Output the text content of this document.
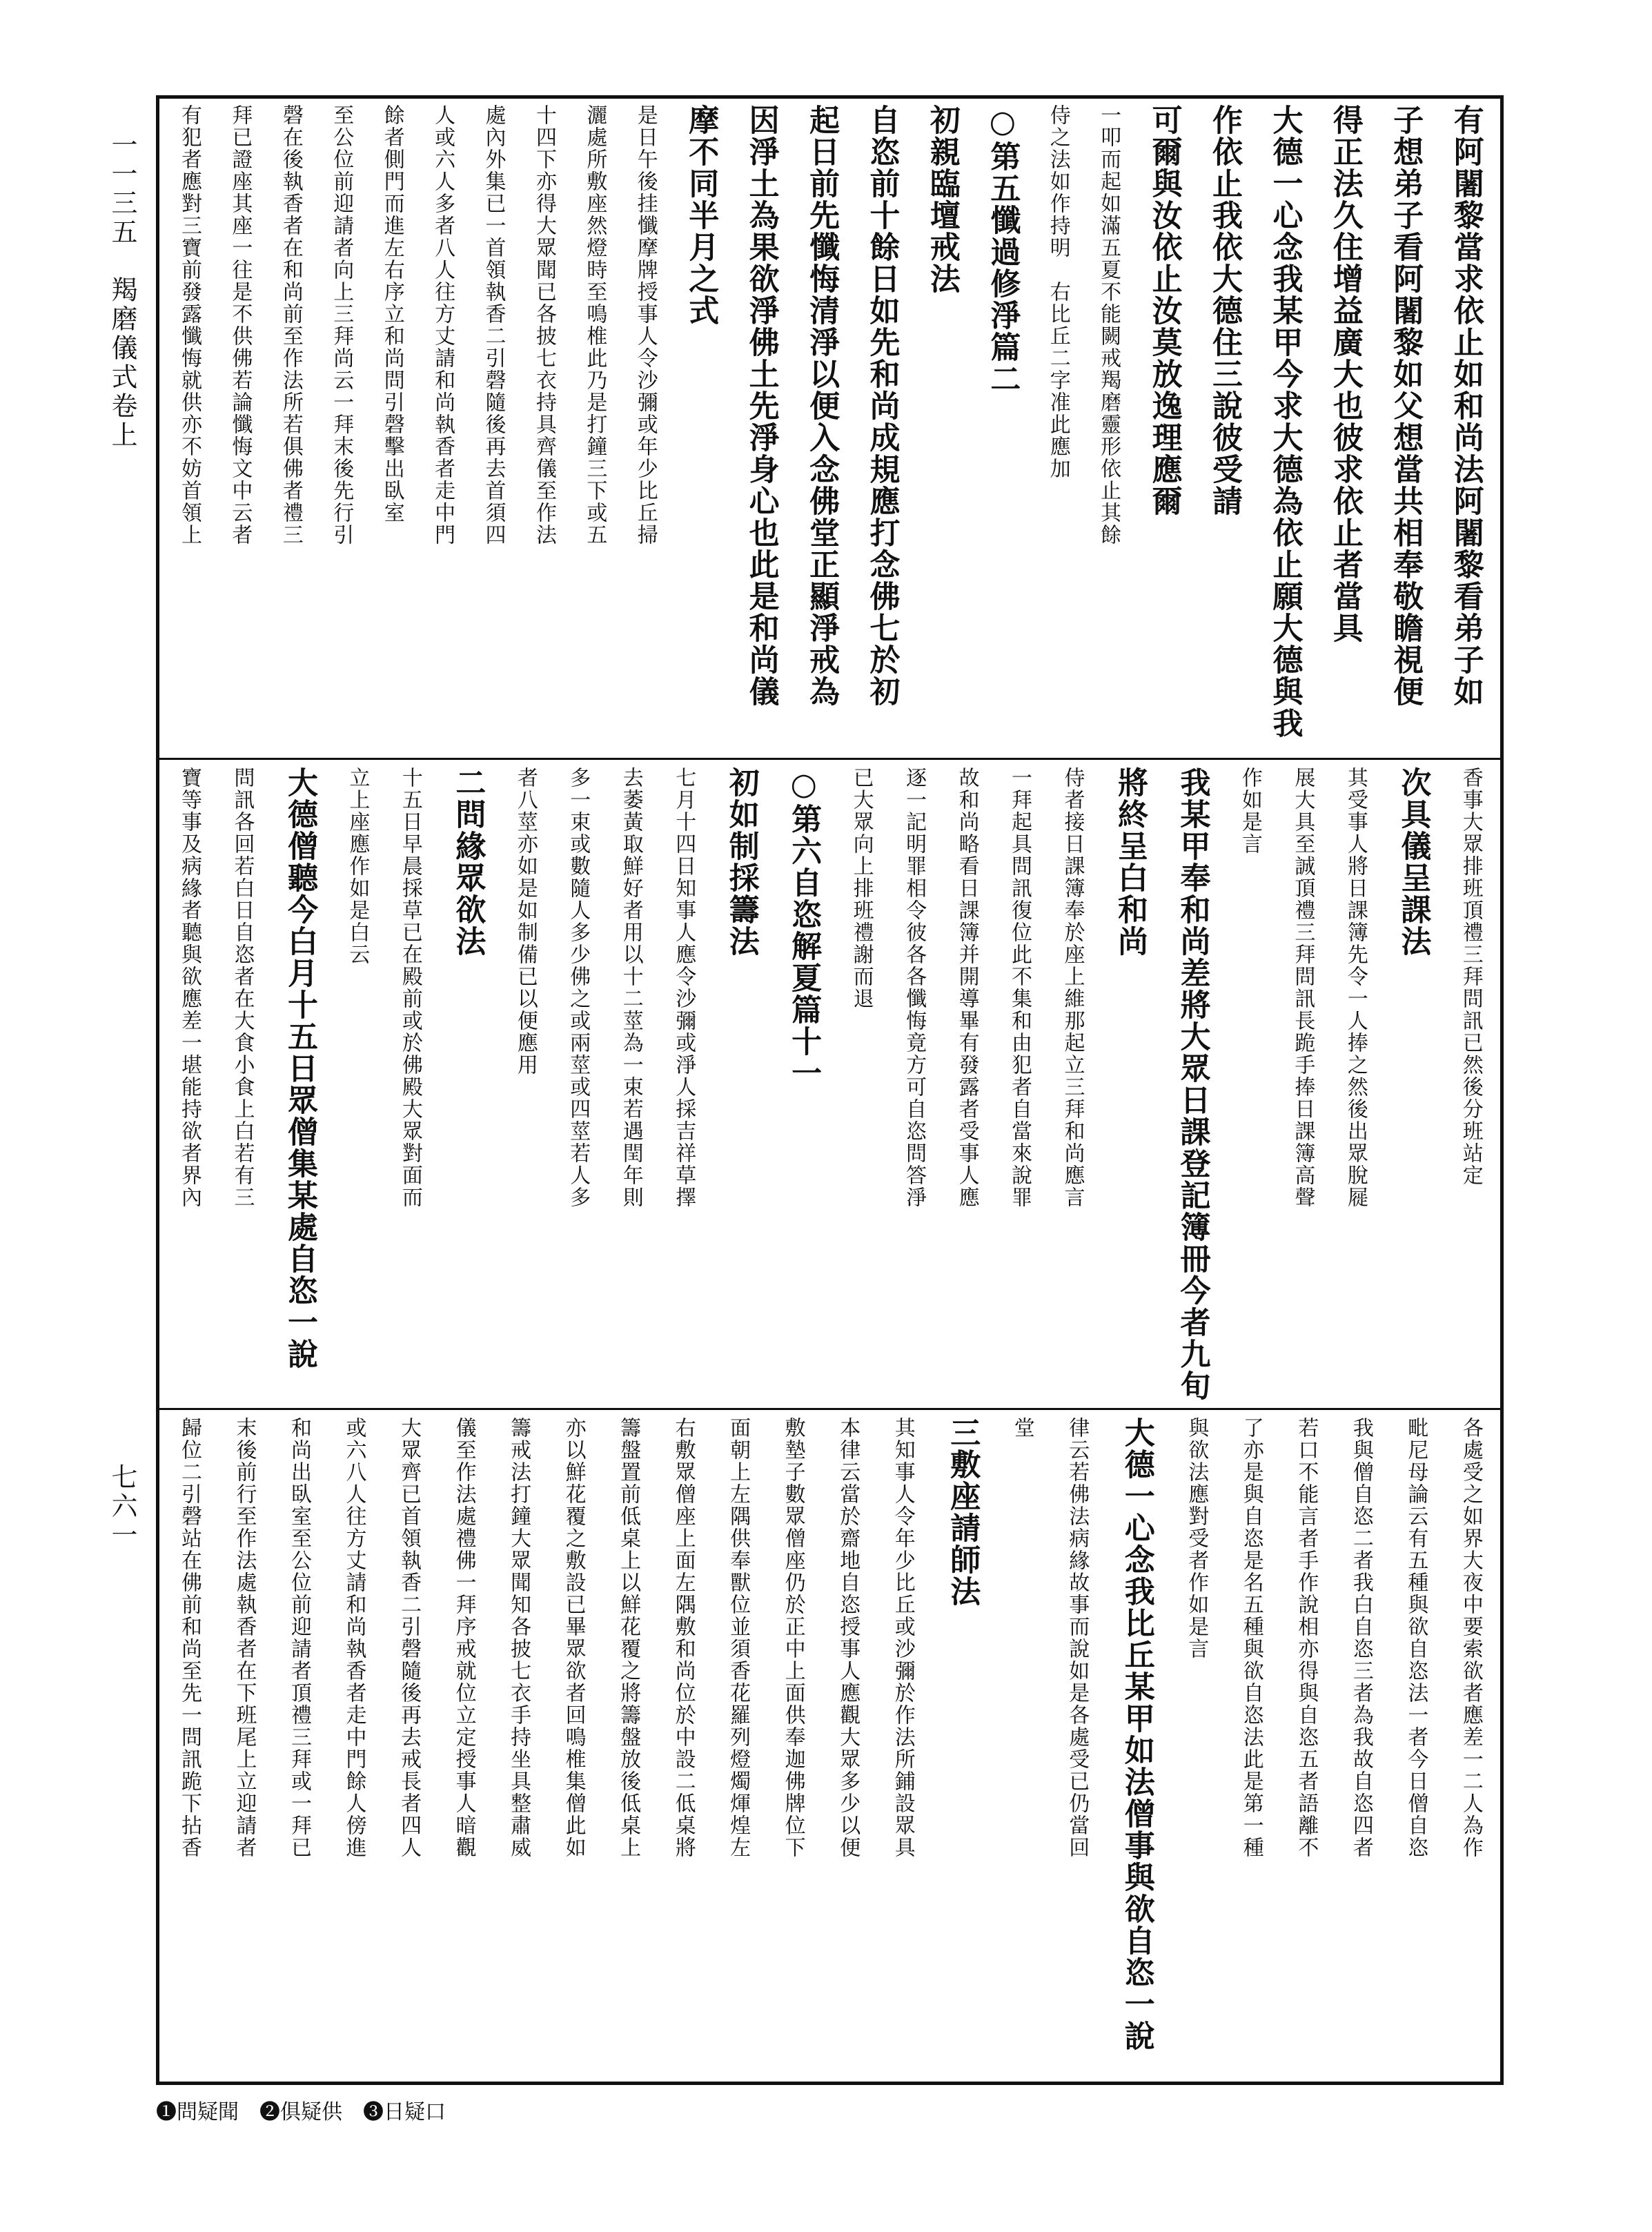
一一三五　羯磨儀式卷上
七六一
有阿闍黎當求依止如和尚法阿闍黎看弟子如
子想弟子看阿闍黎如父想當共相奉敬瞻視便
得正法久住增益廣大也彼求依止者當具
大德一心念我某甲今求大德為依止願大德與我
作依止我依大德住三說彼受請
可爾與汝依止汝莫放逸理應爾
一叩而起如滿五夏不能闕戒羯磨靈形依止其餘
侍之法如作持明　右比丘二字准此應加
○第五懺過修淨篇二
初親臨壇戒法
自恣前十餘日如先和尚成規應打念佛七於初
起日前先懺悔清淨以便入念佛堂正顯淨戒為
因淨土為果欲淨佛土先淨身心也此是和尚儀
摩不同半月之式
是日午後挂懺摩牌授事人令沙彌或年少比丘掃
灑處所敷座然燈時至鳴椎此乃是打鐘三下或五
十四下亦得大眾聞已各披七衣持具齊儀至作法
處內外集已一首領執香二引磬隨後再去首須四
人或六人多者八人往方丈請和尚執香者走中門
餘者側門而進左右序立和尚問引磬擊出臥室
至公位前迎請者向上三拜尚云一拜末後先行引
磬在後執香者在和尚前至作法所若俱佛者禮三
拜已證座其座一往是不供佛若論懺悔文中云者
有犯者應對三寶前發露懺悔就供亦不妨首領上
香事大眾排班頂禮三拜問訊已然後分班站定
次具儀呈課法
其受事人將日課簿先令一人捧之然後出眾脫屣
展大具至誠頂禮三拜問訊長跪手捧日課簿高聲
作如是言
我某甲奉和尚差將大眾日課登記簿冊今者九旬
將終呈白和尚
侍者接日課簿奉於座上維那起立三拜和尚應言
一拜起具問訊復位此不集和由犯者自當來說罪
故和尚略看日課簿并開導畢有發露者受事人應
逐一記明罪相令彼各各懺悔竟方可自恣問答淨
已大眾向上排班禮謝而退
○第六自恣解夏篇十一
初如制採籌法
七月十四日知事人應令沙彌或淨人採吉祥草擇
去萎黃取鮮好者用以十二莖為一束若遇閏年則
多一束或數隨人多少佛之或兩莖或四莖若人多
者八莖亦如是如制備已以便應用
二問緣眾欲法
十五日早晨採草已在殿前或於佛殿大眾對面而
立上座應作如是白云
大德僧聽今白月十五日眾僧集某處自恣一說
問訊各回若白日自恣者在大食小食上白若有三
寶等事及病緣者聽與欲應差一堪能持欲者界內
各處受之如界大夜中要索欲者應差一二人為作
毗尼母論云有五種與欲自恣法一者今日僧自恣
我與僧自恣二者我白自恣三者為我故自恣四者
若口不能言者手作說相亦得與自恣五者語離不
了亦是與自恣是名五種與欲自恣法此是第一種
與欲法應對受者作如是言
大德一心念我比丘某甲如法僧事與欲自恣一說
律云若佛法病緣故事而說如是各處受已仍當回
堂
三敷座請師法
其知事人令年少比丘或沙彌於作法所鋪設眾具
本律云當於齋地自恣授事人應觀大眾多少以便
敷墊子數眾僧座仍於正中上面供奉迦佛牌位下
面朝上左隅供奉獸位並須香花羅列燈燭煇煌左
右敷眾僧座上面左隅敷和尚位於中設二低桌將
籌盤置前低桌上以鮮花覆之將籌盤放後低桌上
亦以鮮花覆之敷設已畢眾欲者回鳴椎集僧此如
籌戒法打鐘大眾聞知各披七衣手持坐具整肅威
儀至作法處禮佛一拜序戒就位立定授事人暗觀
大眾齊已首領執香二引磬隨後再去戒長者四人
或六八人往方丈請和尚執香者走中門餘人傍進
和尚出臥室至公位前迎請者頂禮三拜或一拜已
末後前行至作法處執香者在下班尾上立迎請者
歸位二引磬站在佛前和尚至先一問訊跪下拈香
❶問疑聞　❷俱疑供　❸日疑口
